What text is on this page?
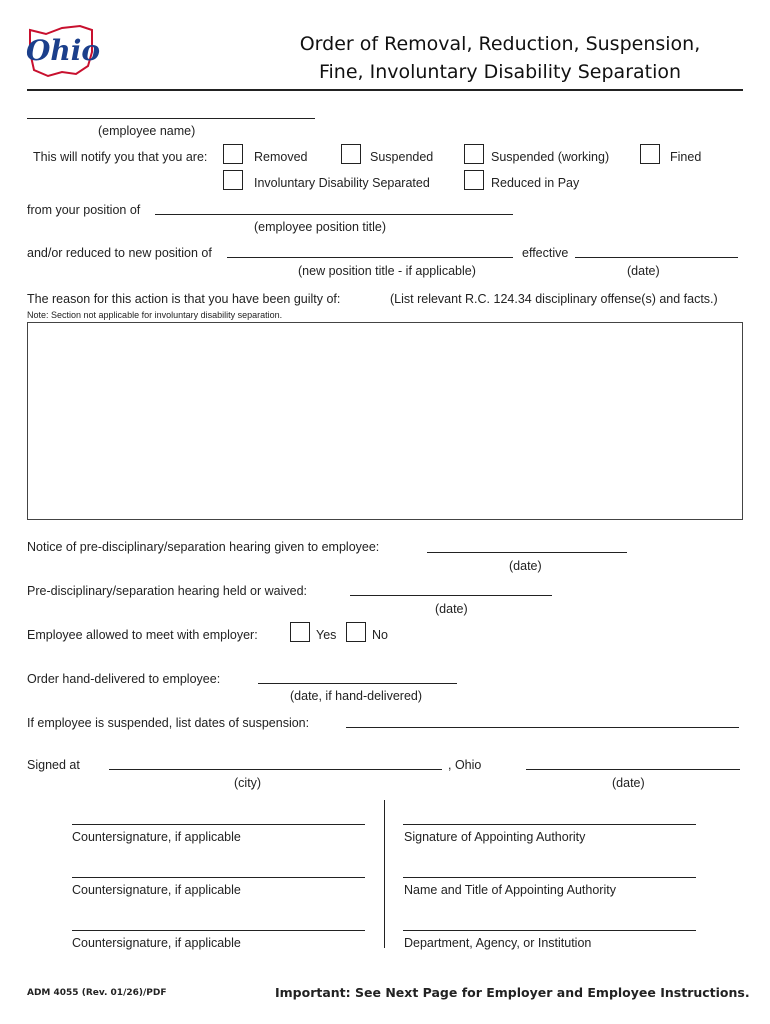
Ohio	Order of Removal, Reduction, Suspension,
Fine, Involuntary Disability Separation
(employee name)
This will notify you that you are:	Removed	Suspended	Suspended (working)	Fined
Involuntary Disability Separated	Reduced in Pay
from your position of
(employee position title)
and/or reduced to new position of	effective
(new position title - if applicable)	(date)
The reason for this action is that you have been guilty of:	(List relevant R.C. 124.34 disciplinary offense(s) and facts.)
Note: Section not applicable for involuntary disability separation.
Notice of pre-disciplinary/separation hearing given to employee:
(date)
Pre-disciplinary/separation hearing held or waived:
(date)
Employee allowed to meet with employer:	Yes	No
Order hand-delivered to employee:
(date, if hand-delivered)
If employee is suspended, list dates of suspension:
Signed at	, Ohio
(city)	(date)
Countersignature, if applicable	Signature of Appointing Authority
Countersignature, if applicable	Name and Title of Appointing Authority
Countersignature, if applicable	Department, Agency, or Institution
ADM 4055 (Rev. 01/26)/PDF	Important: See Next Page for Employer and Employee Instructions.
